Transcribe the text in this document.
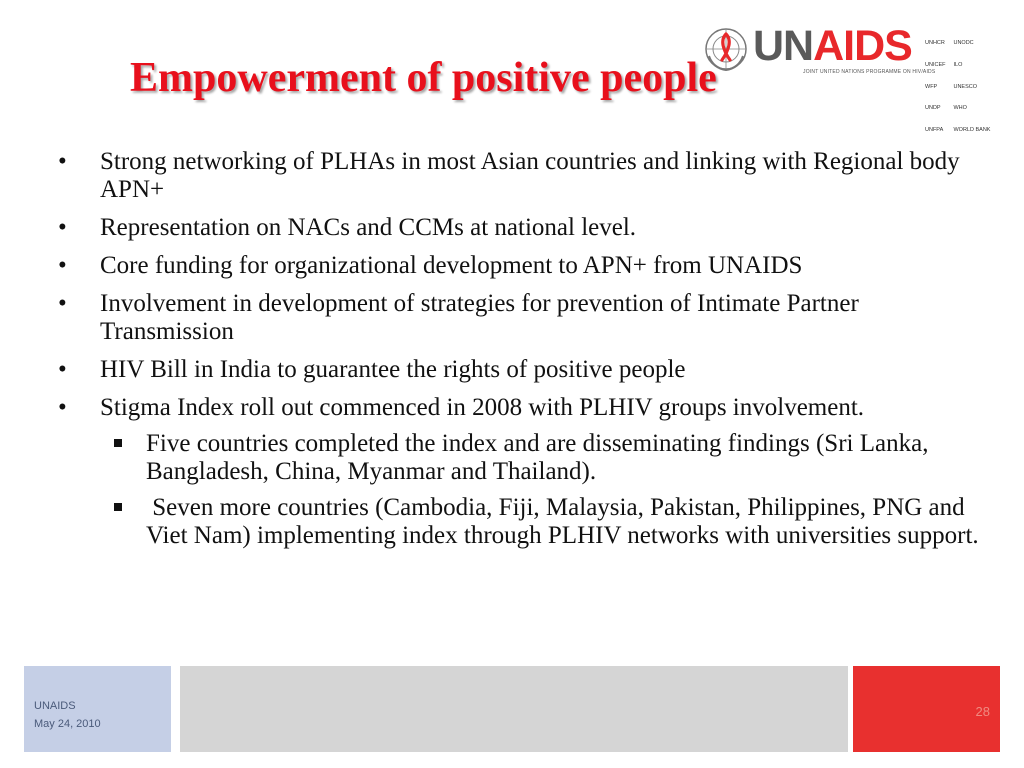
UNAIDS
JOINT UNITED NATIONS PROGRAMME ON HIV/AIDS

UNHCR

UNICEF

WFP

UNDP

UNFPA

UNODC

ILO

UNESCO

WHO

WORLD BANK

Empowerment of positive people
• Strong networking of PLHAs in most Asian countries and linking with Regional body APN+
• Representation on NACs and CCMs at national level.
• Core funding for organizational development to APN+ from UNAIDS
• Involvement in development of strategies for prevention of Intimate Partner Transmission
• HIV Bill in India to guarantee the rights of positive people
• Stigma Index roll out commenced in 2008 with PLHIV groups involvement.
Five countries completed the index and are disseminating findings (Sri Lanka, Bangladesh, China, Myanmar and Thailand).
Seven more countries (Cambodia, Fiji, Malaysia, Pakistan, Philippines, PNG and Viet Nam) implementing index through PLHIV networks with universities support.
UNAIDS
May 24, 2010
28
